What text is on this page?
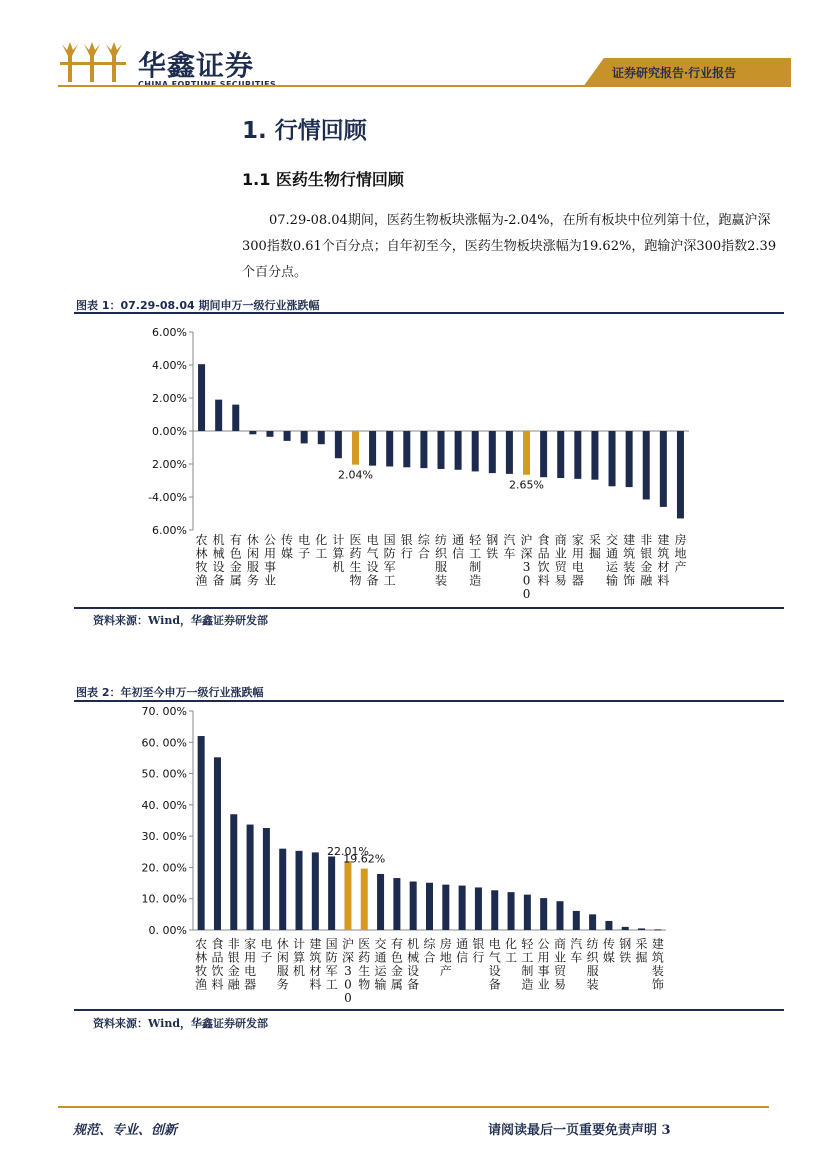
华鑫证券	证券研究报告·行业报告
1. 行情回顾
1.1 医药生物行情回顾
07.29-08.04期间，医药生物板块涨幅为-2.04%，在所有板块中位列第十位，跑赢沪深300指数0.61个百分点；自年初至今，医药生物板块涨幅为19.62%，跑输沪深300指数2.39个百分点。
图表 1：07.29-08.04 期间申万一级行业涨跌幅
6.00%
4.00%
2.00%
0.00%
2.00%
-4.00%
6.00%
农
林
牧
渔
机
械
设
备
有
色
金
属
休
闲
服
务
公
用
事
业
传
媒
电
子
化
工
计
算
机
医
药
生
物
电
气
设
备
国
防
军
工
银
行
综
合
纺
织
服
装
通
信
轻
工
制
造
钢
铁
汽
车
沪
深
3
0
0
食
品
饮
料
商
业
贸
易
家
用
电
器
采
掘
交
通
运
输
建
筑
装
饰
非
银
金
融
建
筑
材
料
房
地
产
2.04%
2.65%
资料来源：Wind，华鑫证券研发部
图表 2：年初至今申万一级行业涨跌幅
70. 00%
60. 00%
50. 00%
40. 00%
30. 00%
20. 00%
10. 00%
0. 00%
农
林
牧
渔
食
品
饮
料
非
银
金
融
家
用
电
器
电
子
休
闲
服
务
计
算
机
建
筑
材
料
国
防
军
工
沪
深
3
0
0
医
药
生
物
交
通
运
输
有
色
金
属
机
械
设
备
综
合
房
地
产
通
信
银
行
电
气
设
备
化
工
轻
工
制
造
公
用
事
业
商
业
贸
易
汽
车
纺
织
服
装
传
媒
钢
铁
采
掘
建
筑
装
饰
22.01%
19.62%
资料来源：Wind，华鑫证券研发部
规范、专业、创新	请阅读最后一页重要免责声明 3
